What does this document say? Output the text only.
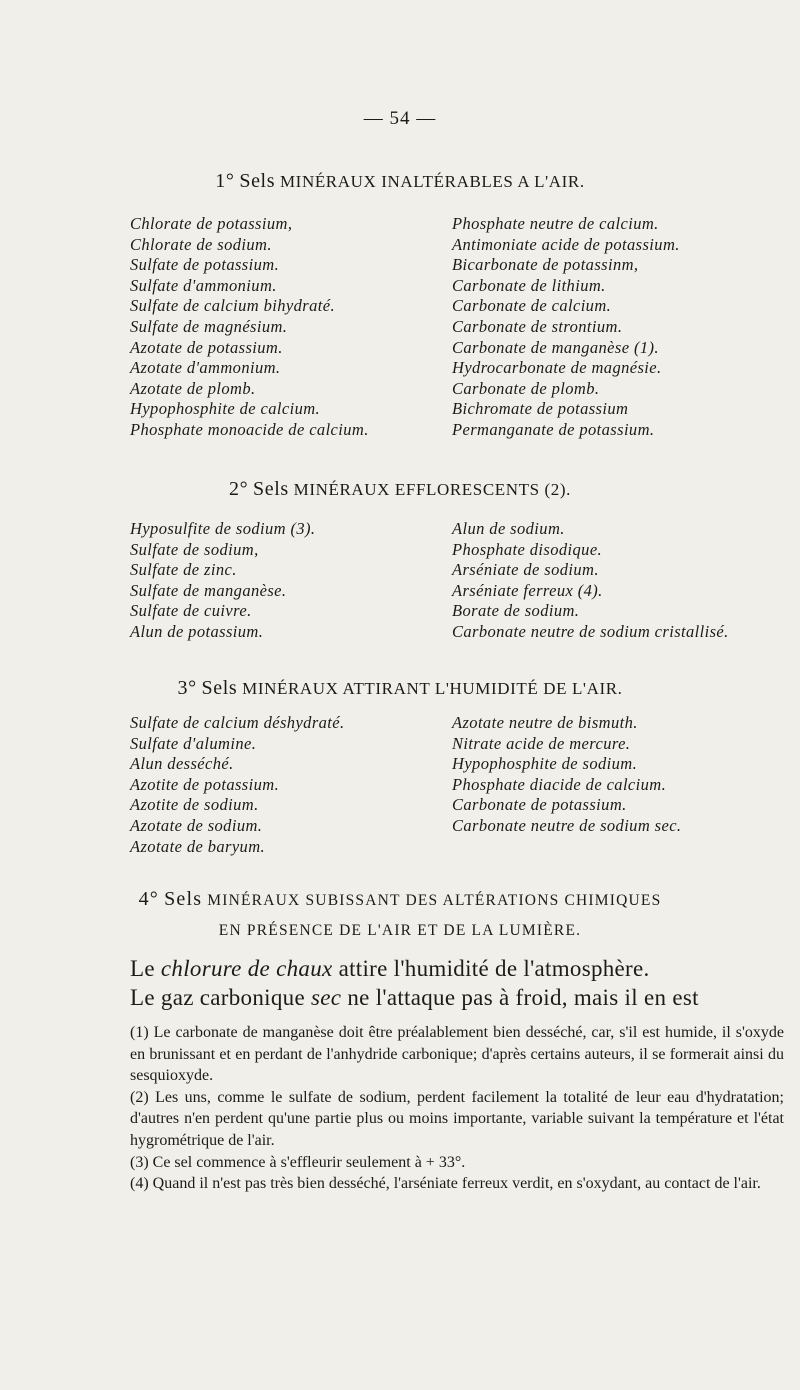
— 54 —
1° Sels MINÉRAUX INALTÉRABLES A L'AIR.
Chlorate de potassium,
Chlorate de sodium.
Sulfate de potassium.
Sulfate d'ammonium.
Sulfate de calcium bihydraté.
Sulfate de magnésium.
Azotate de potassium.
Azotate d'ammonium.
Azotate de plomb.
Hypophosphite de calcium.
Phosphate monoacide de calcium.
Phosphate neutre de calcium.
Antimoniate acide de potassium.
Bicarbonate de potassinm,
Carbonate de lithium.
Carbonate de calcium.
Carbonate de strontium.
Carbonate de manganèse (1).
Hydrocarbonate de magnésie.
Carbonate de plomb.
Bichromate de potassium
Permanganate de potassium.
2° Sels MINÉRAUX EFFLORESCENTS (2).
Hyposulfite de sodium (3).
Sulfate de sodium,
Sulfate de zinc.
Sulfate de manganèse.
Sulfate de cuivre.
Alun de potassium.
Alun de sodium.
Phosphate disodique.
Arséniate de sodium.
Arséniate ferreux (4).
Borate de sodium.
Carbonate neutre de sodium cristallisé.
3° Sels MINÉRAUX ATTIRANT L'HUMIDITÉ DE L'AIR.
Sulfate de calcium déshydraté.
Sulfate d'alumine.
Alun desséché.
Azotite de potassium.
Azotite de sodium.
Azotate de sodium.
Azotate de baryum.
Azotate neutre de bismuth.
Nitrate acide de mercure.
Hypophosphite de sodium.
Phosphate diacide de calcium.
Carbonate de potassium.
Carbonate neutre de sodium sec.
4° Sels MINÉRAUX SUBISSANT DES ALTÉRATIONS CHIMIQUES
EN PRÉSENCE DE L'AIR ET DE LA LUMIÈRE.
Le chlorure de chaux attire l'humidité de l'atmosphère.
Le gaz carbonique sec ne l'attaque pas à froid, mais il en est

(1) Le carbonate de manganèse doit être préalablement bien desséché, car, s'il est humide, il s'oxyde en brunissant et en perdant de l'anhydride carbonique; d'après certains auteurs, il se formerait ainsi du sesquioxyde.

(2) Les uns, comme le sulfate de sodium, perdent facilement la totalité de leur eau d'hydratation; d'autres n'en perdent qu'une partie plus ou moins importante, variable suivant la température et l'état hygrométrique de l'air.

(3) Ce sel commence à s'effleurir seulement à + 33°.

(4) Quand il n'est pas très bien desséché, l'arséniate ferreux verdit, en s'oxydant, au contact de l'air.
